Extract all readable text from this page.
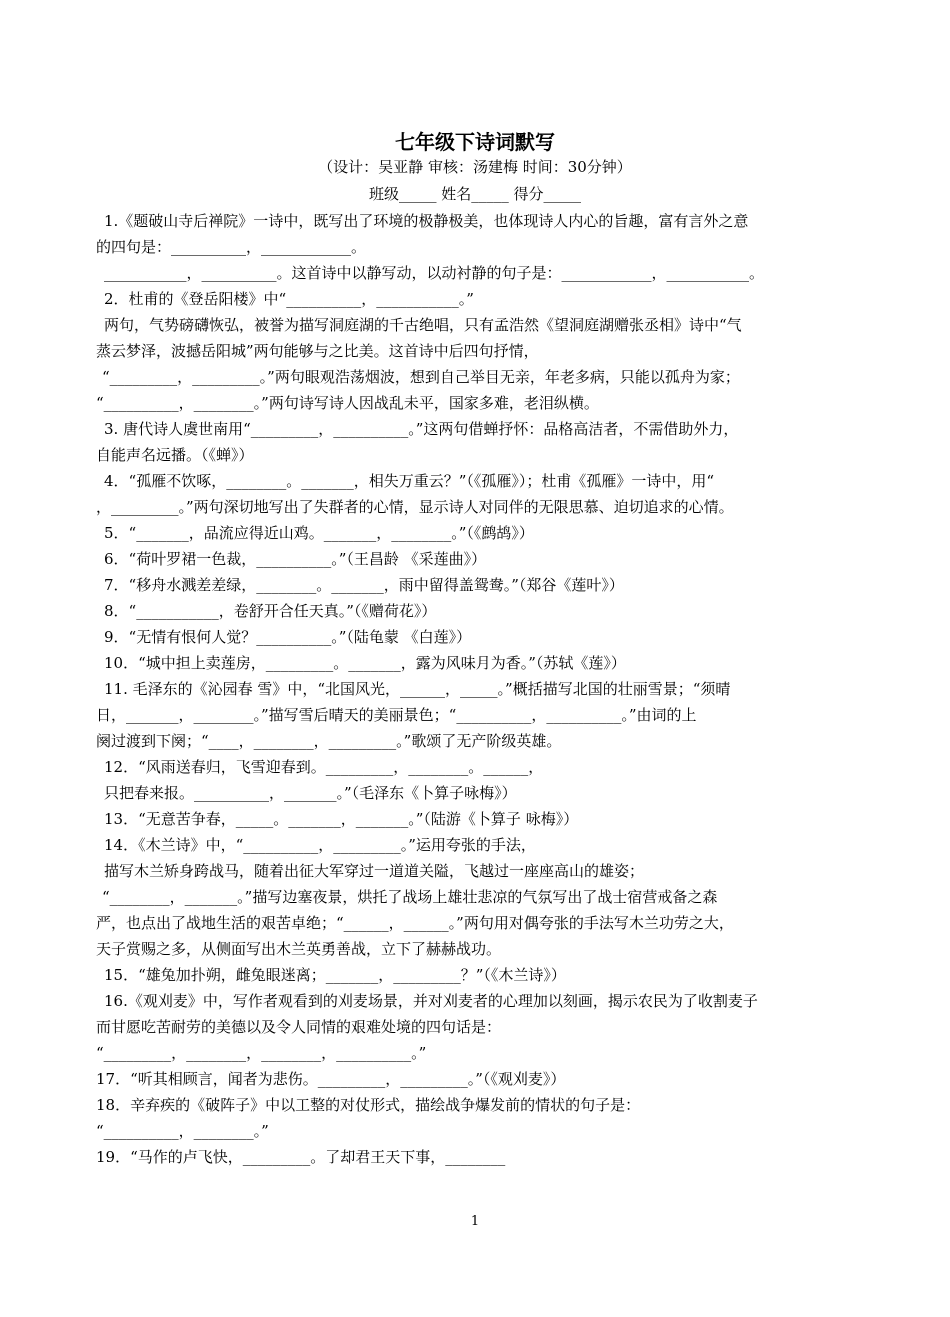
七年级下诗词默写
（设计：吴亚静 审核：汤建梅 时间：30分钟）
班级_____ 姓名_____ 得分_____
1.《题破山寺后禅院》一诗中，既写出了环境的极静极美，也体现诗人内心的旨趣，富有言外之意
的四句是：__________，____________。
___________，__________。这首诗中以静写动，以动衬静的句子是：____________，___________。
2．杜甫的《登岳阳楼》中“__________，___________。”
两句，气势磅礴恢弘，被誉为描写洞庭湖的千古绝唱，只有孟浩然《望洞庭湖赠张丞相》诗中“气
蒸云梦泽，波撼岳阳城”两句能够与之比美。这首诗中后四句抒情，
“_________，_________。”两句眼观浩荡烟波，想到自己举目无亲，年老多病，只能以孤舟为家；
“__________，________。”两句诗写诗人因战乱未平，国家多难，老泪纵横。
3. 唐代诗人虞世南用“_________，__________。”这两句借蝉抒怀：品格高洁者，不需借助外力，
自能声名远播。（《蝉》）
4．“孤雁不饮啄，________。_______，相失万重云？”（《孤雁》）；杜甫《孤雁》一诗中，用“
，_________。”两句深切地写出了失群者的心情，显示诗人对同伴的无限思慕、迫切追求的心情。
5．“_______，品流应得近山鸡。_______，________。”（《鹧鸪》）
6．“荷叶罗裙一色裁，__________。”（王昌龄 《采莲曲》）
7．“移舟水溅差差绿，________。_______，雨中留得盖鸳鸯。”（郑谷《莲叶》）
8．“___________，卷舒开合任天真。”（《赠荷花》）
9．“无情有恨何人觉？__________。”（陆龟蒙 《白莲》）
10．“城中担上卖莲房，_________。_______，露为风味月为香。”（苏轼《莲》）
11. 毛泽东的《沁园春 雪》中，“北国风光，______，_____。”概括描写北国的壮丽雪景；“须晴
日，_______，________。”描写雪后晴天的美丽景色；“__________，__________。”由词的上
阕过渡到下阕；“____，________，_________。”歌颂了无产阶级英雄。
12．“风雨送春归，飞雪迎春到。_________，________。______，
只把春来报。__________，_______。”（毛泽东《卜算子咏梅》）
13．“无意苦争春，_____。_______，_______。”（陆游《卜算子 咏梅》）
14．《木兰诗》中，“__________，_________。”运用夸张的手法，
描写木兰矫身跨战马，随着出征大军穿过一道道关隘，飞越过一座座高山的雄姿；
“________，_______。”描写边塞夜景，烘托了战场上雄壮悲凉的气氛写出了战士宿营戒备之森
严，也点出了战地生活的艰苦卓绝；“______，______。”两句用对偶夸张的手法写木兰功劳之大，
天子赏赐之多，从侧面写出木兰英勇善战，立下了赫赫战功。
15．“雄兔加扑朔，雌兔眼迷离；_______，_________？”（《木兰诗》）
16.《观刈麦》中，写作者观看到的刈麦场景，并对刈麦者的心理加以刻画，揭示农民为了收割麦子
而甘愿吃苦耐劳的美德以及令人同情的艰难处境的四句话是：
“_________，________，________，__________。”
17．“听其相顾言，闻者为悲伤。_________，_________。”（《观刈麦》）
18．辛弃疾的《破阵子》中以工整的对仗形式，描绘战争爆发前的情状的句子是：
“__________，________。”
19．“马作的卢飞快，_________。了却君王天下事，________
1
